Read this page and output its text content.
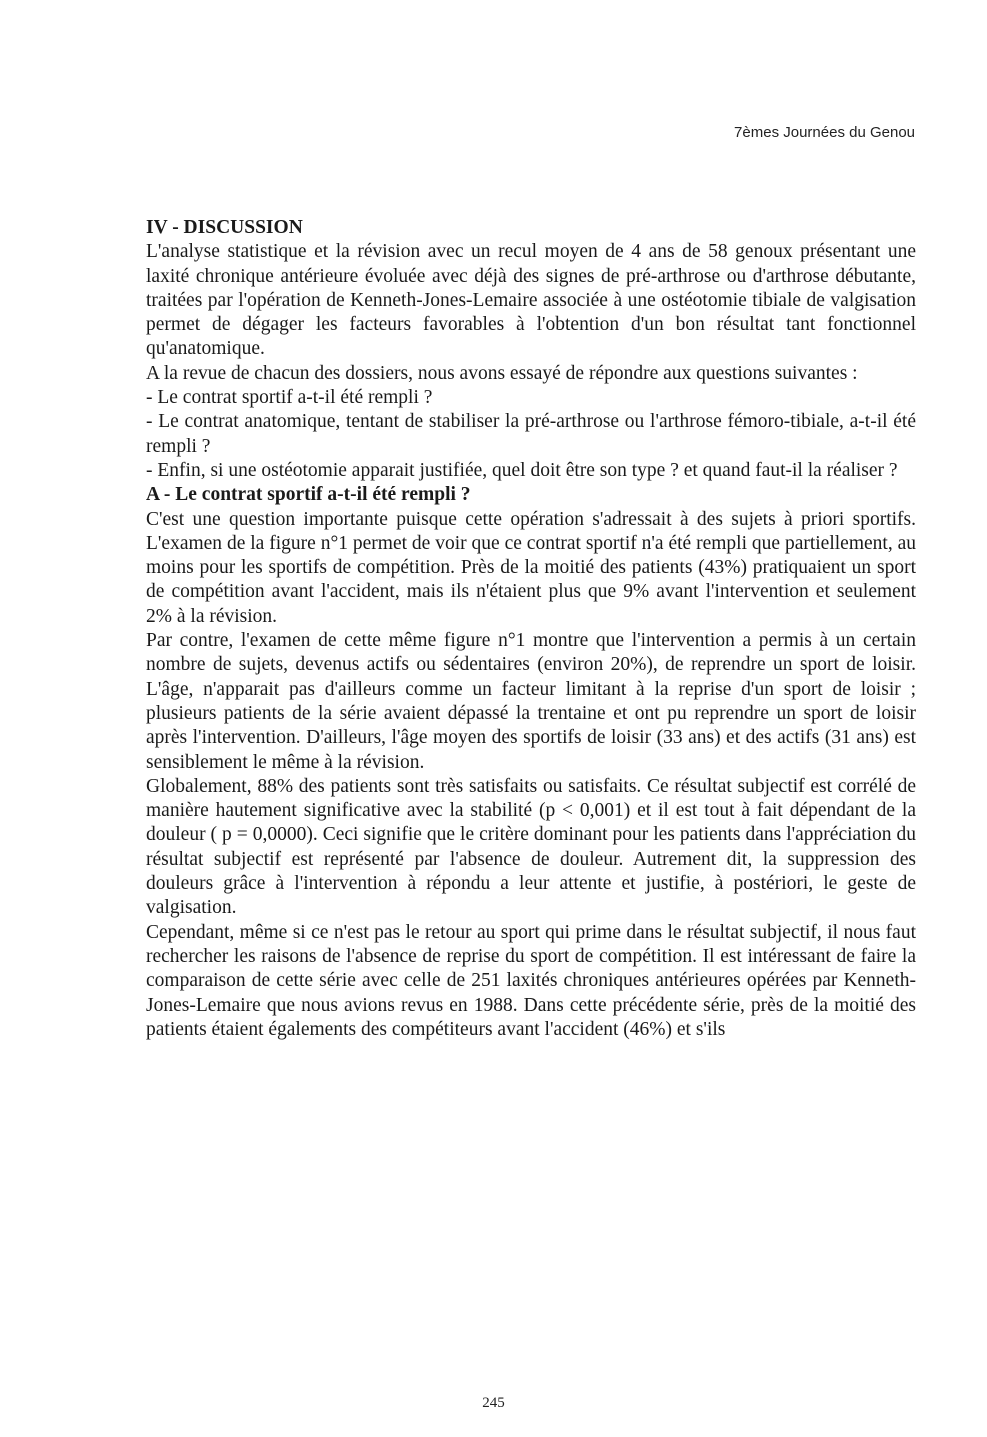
7èmes Journées du Genou

IV - DISCUSSION

L'analyse statistique et la révision avec un recul moyen de 4 ans de 58 genoux présentant une laxité chronique antérieure évoluée avec déjà des signes de pré-arthrose ou d'arthrose débutante, traitées par l'opération de Kenneth-Jones-Lemaire associée à une ostéotomie tibiale de valgisation permet de dégager les facteurs favorables à l'obtention d'un bon résultat tant fonctionnel qu'anatomique.

A la revue de chacun des dossiers, nous avons essayé de répondre aux questions suivantes :

- Le contrat sportif a-t-il été rempli ?

- Le contrat anatomique, tentant de stabiliser la pré-arthrose ou l'arthrose fémoro-tibiale, a-t-il été rempli ?

- Enfin, si une ostéotomie apparait justifiée, quel doit être son type ? et quand faut-il la réaliser ?

A - Le contrat sportif a-t-il été rempli ?

C'est une question importante puisque cette opération s'adressait à des sujets à priori sportifs. L'examen de la figure n°1 permet de voir que ce contrat sportif n'a été rempli que partiellement, au moins pour les sportifs de compétition. Près de la moitié des patients (43%) pratiquaient un sport de compétition avant l'accident, mais ils n'étaient plus que 9% avant l'intervention et seulement 2% à la révision.

Par contre, l'examen de cette même figure n°1 montre que l'intervention a permis à un certain nombre de sujets, devenus actifs ou sédentaires (environ 20%), de reprendre un sport de loisir. L'âge, n'apparait pas d'ailleurs comme un facteur limitant à la reprise d'un sport de loisir ; plusieurs patients de la série avaient dépassé la trentaine et ont pu reprendre un sport de loisir après l'intervention. D'ailleurs, l'âge moyen des sportifs de loisir (33 ans) et des actifs (31 ans) est sensiblement le même à la révision.

Globalement, 88% des patients sont très satisfaits ou satisfaits. Ce résultat subjectif est corrélé de manière hautement significative avec la stabilité (p < 0,001) et il est tout à fait dépendant de la douleur ( p = 0,0000). Ceci signifie que le critère dominant pour les patients dans l'appréciation du résultat subjectif est représenté par l'absence de douleur. Autrement dit, la suppression des douleurs grâce à l'intervention à répondu a leur attente et justifie, à postériori, le geste de valgisation.

Cependant, même si ce n'est pas le retour au sport qui prime dans le résultat subjectif, il nous faut rechercher les raisons de l'absence de reprise du sport de compétition. Il est intéressant de faire la comparaison de cette série avec celle de 251 laxités chroniques antérieures opérées par Kenneth-Jones-Lemaire que nous avions revus en 1988. Dans cette précédente série, près de la moitié des patients étaient égalements des compétiteurs avant l'accident (46%) et s'ils

245
